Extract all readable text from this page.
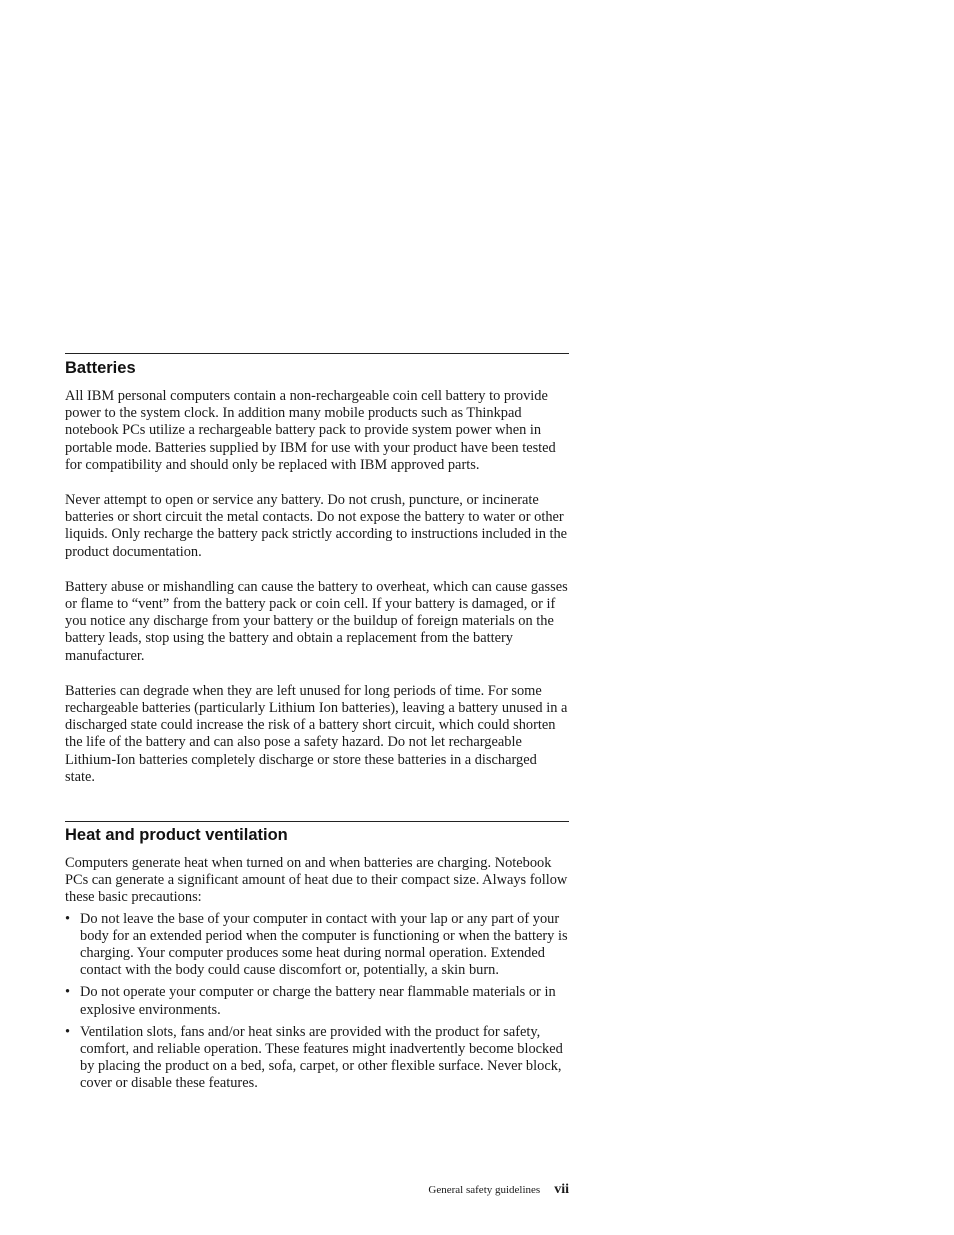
Batteries

All IBM personal computers contain a non-rechargeable coin cell battery to provide power to the system clock. In addition many mobile products such as Thinkpad notebook PCs utilize a rechargeable battery pack to provide system power when in portable mode. Batteries supplied by IBM for use with your product have been tested for compatibility and should only be replaced with IBM approved parts.

Never attempt to open or service any battery. Do not crush, puncture, or incinerate batteries or short circuit the metal contacts. Do not expose the battery to water or other liquids. Only recharge the battery pack strictly according to instructions included in the product documentation.

Battery abuse or mishandling can cause the battery to overheat, which can cause gasses or flame to “vent” from the battery pack or coin cell. If your battery is damaged, or if you notice any discharge from your battery or the buildup of foreign materials on the battery leads, stop using the battery and obtain a replacement from the battery manufacturer.

Batteries can degrade when they are left unused for long periods of time. For some rechargeable batteries (particularly Lithium Ion batteries), leaving a battery unused in a discharged state could increase the risk of a battery short circuit, which could shorten the life of the battery and can also pose a safety hazard. Do not let rechargeable Lithium-Ion batteries completely discharge or store these batteries in a discharged state.

Heat and product ventilation

Computers generate heat when turned on and when batteries are charging. Notebook PCs can generate a significant amount of heat due to their compact size. Always follow these basic precautions:

• Do not leave the base of your computer in contact with your lap or any part of your body for an extended period when the computer is functioning or when the battery is charging. Your computer produces some heat during normal operation. Extended contact with the body could cause discomfort or, potentially, a skin burn.

• Do not operate your computer or charge the battery near flammable materials or in explosive environments.

• Ventilation slots, fans and/or heat sinks are provided with the product for safety, comfort, and reliable operation. These features might inadvertently become blocked by placing the product on a bed, sofa, carpet, or other flexible surface. Never block, cover or disable these features.

General safety guidelines vii
